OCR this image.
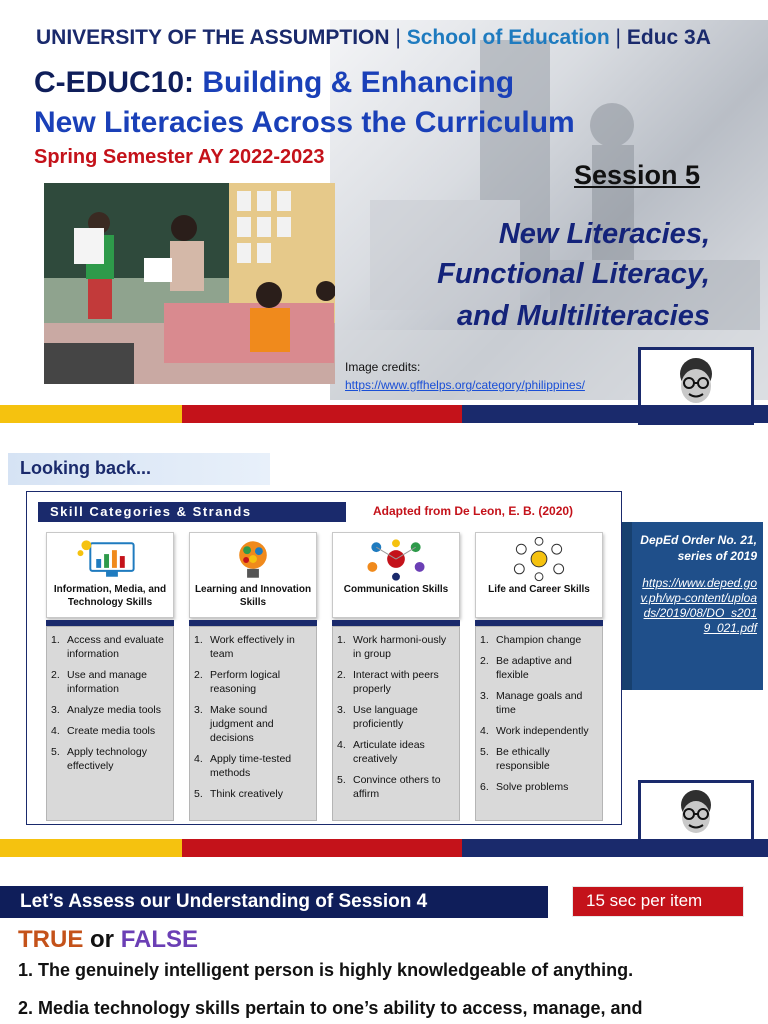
UNIVERSITY OF THE ASSUMPTION | School of Education | Educ 3A
C-EDUC10: Building & Enhancing
New Literacies Across the Curriculum
Spring Semester AY 2022-2023
Session 5
New Literacies,
Functional Literacy,
and Multiliteracies
Image credits:
https://www.gffhelps.org/category/philippines/
Looking back...
Skill Categories & Strands	Adapted from De Leon, E. B. (2020)
Information, Media, and Technology Skills
1. Access and evaluate information
2. Use and manage information
3. Analyze media tools
4. Create media tools
5. Apply technology effectively
Learning and Innovation Skills
1. Work effectively in team
2. Perform logical reasoning
3. Make sound judgment and decisions
4. Apply time-tested methods
5. Think creatively
Communication Skills
1. Work harmoni-ously in group
2. Interact with peers properly
3. Use language proficiently
4. Articulate ideas creatively
5. Convince others to affirm
Life and Career Skills
1. Champion change
2. Be adaptive and flexible
3. Manage goals and time
4. Work independently
5. Be ethically responsible
6. Solve problems
DepEd Order No. 21, series of 2019
https://www.deped.gov.ph/wp-content/uploads/2019/08/DO_s2019_021.pdf
Let’s Assess our Understanding of Session 4	15 sec per item
TRUE or FALSE
1. The genuinely intelligent person is highly knowledgeable of anything.
2. Media technology skills pertain to one’s ability to access, manage, and
